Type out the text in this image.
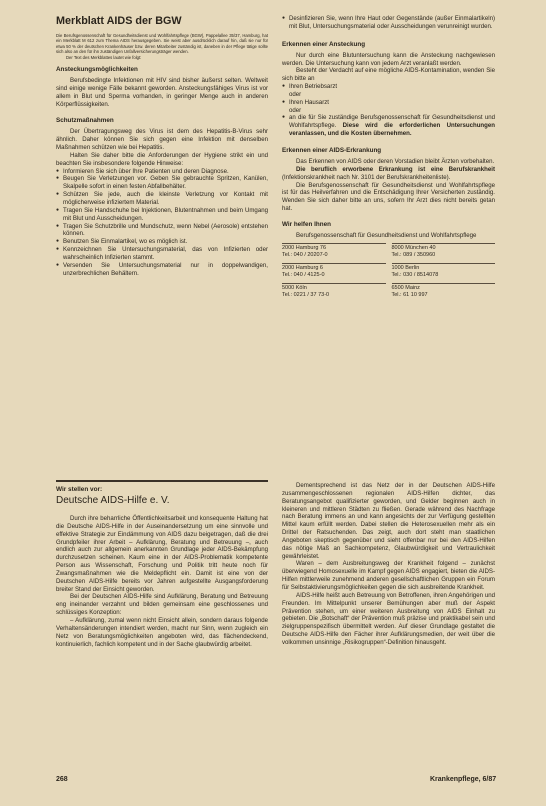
Merkblatt AIDS der BGW

Die Berufsgenossenschaft für Gesundheitsdienst und Wohlfahrtspflege (BGW), Pappelallee 35/37, Hamburg, hat ein Merkblatt M 612 zum Thema AIDS herausgegeben. Sie weist aber ausdrücklich darauf hin, daß sie nur für etwa 50 % der deutschen Krankenhäuser bzw. deren Mitarbeiter zuständig ist, daneben in der Pflege tätige sollte sich also an den für ihn zuständigen Unfallversicherungsträger wenden.

Der Text des Merkblattes lautet wie folgt:

Ansteckungsmöglichkeiten

Berufsbedingte Infektionen mit HIV sind bisher äußerst selten. Weltweit sind einige wenige Fälle bekannt geworden. Ansteckungsfähiges Virus ist vor allem in Blut und Sperma vorhanden, in geringer Menge auch in anderen Körperflüssigkeiten.

Schutzmaßnahmen

Der Übertragungsweg des Virus ist dem des Hepatitis-B-Virus sehr ähnlich. Daher können Sie sich gegen eine Infektion mit denselben Maßnahmen schützen wie bei Hepatitis.

Halten Sie daher bitte die Anforderungen der Hygiene strikt ein und beachten Sie insbesondere folgende Hinweise:

● Informieren Sie sich über Ihre Patienten und deren Diagnose.
● Beugen Sie Verletzungen vor. Geben Sie gebrauchte Spritzen, Kanülen, Skalpelle sofort in einen festen Abfallbehälter.
● Schützen Sie jede, auch die kleinste Verletzung vor Kontakt mit möglicherweise infiziertem Material.
● Tragen Sie Handschuhe bei Injektionen, Blutentnahmen und beim Umgang mit Blut und Ausscheidungen.
● Tragen Sie Schutzbrille und Mundschutz, wenn Nebel (Aerosole) entstehen können.
● Benutzen Sie Einmalartikel, wo es möglich ist.
● Kennzeichnen Sie Untersuchungsmaterial, das von Infizierten oder wahrscheinlich Infizierten stammt.
● Versenden Sie Untersuchungsmaterial nur in doppelwandigen, unzerbrechlichen Behältern.
● Desinfizieren Sie, wenn Ihre Haut oder Gegenstände (außer Einmalartikeln) mit Blut, Untersuchungsmaterial oder Ausscheidungen verunreinigt wurden.
Erkennen einer Ansteckung

Nur durch eine Blutuntersuchung kann die Ansteckung nachgewiesen werden. Die Untersuchung kann von jedem Arzt veranlaßt werden.

Besteht der Verdacht auf eine mögliche AIDS-Kontamination, wenden Sie sich bitte an

● Ihren Betriebsarzt
oder
● Ihren Hausarzt
oder
● an die für Sie zuständige Berufsgenossenschaft für Gesundheitsdienst und Wohlfahrtspflege. Diese wird die erforderlichen Untersuchungen veranlassen, und die Kosten übernehmen.
Erkennen einer AIDS-Erkrankung

Das Erkennen von AIDS oder deren Vorstadien bleibt Ärzten vorbehalten.

Die beruflich erworbene Erkrankung ist eine Berufskrankheit (Infektionskrankheit nach Nr. 3101 der Berufskrankheitenliste).

Die Berufsgenossenschaft für Gesundheitsdienst und Wohlfahrtspflege ist für das Heilverfahren und die Entschädigung Ihrer Versicherten zuständig. Wenden Sie sich daher bitte an uns, sofern Ihr Arzt dies nicht bereits getan hat.

Wir helfen Ihnen

Berufsgenossenschaft für Gesundheitsdienst und Wohlfahrtspflege

2000 Hamburg 76
Tel.: 040 / 20207-0
8000 München 40
Tel.: 089 / 350960
2000 Hamburg 6
Tel.: 040 / 4125-0
1000 Berlin
Tel.: 030 / 8514078
5000 Köln
Tel.: 0221 / 37 73-0
6500 Mainz
Tel.: 61 10 997
Wir stellen vor:
Deutsche AIDS-Hilfe e. V.

Durch ihre beharrliche Öffentlichkeitsarbeit und konsequente Haltung hat die Deutsche AIDS-Hilfe in der Auseinandersetzung um eine sinnvolle und effektive Strategie zur Eindämmung von AIDS dazu beigetragen, daß die drei Grundpfeiler ihrer Arbeit – Aufklärung, Beratung und Betreuung –, auch endlich auch zur allgemein anerkannten Grundlage jeder AIDS-Bekämpfung durchzusetzen scheinen. Kaum eine in der AIDS-Problematik kompetente Person aus Wissenschaft, Forschung und Politik tritt heute noch für Zwangsmaßnahmen wie die Meldepflicht ein. Damit ist eine von der Deutschen AIDS-Hilfe bereits vor Jahren aufgestellte Ausgangsforderung breiter Stand der Einsicht geworden.

Bei der Deutschen AIDS-Hilfe sind Aufklärung, Beratung und Betreuung eng ineinander verzahnt und bilden gemeinsam eine geschlossenes und schlüssiges Konzeption:

– Aufklärung, zumal wenn nicht Einsicht allein, sondern daraus folgende Verhaltensänderungen intendiert werden, macht nur Sinn, wenn zugleich ein Netz von Beratungsmöglichkeiten angeboten wird, das flächendeckend, kontinuierlich, fachlich kompetent und in der Sache glaubwürdig arbeitet.

Dementsprechend ist das Netz der in der Deutschen AIDS-Hilfe zusammengeschlossenen regionalen AIDS-Hilfen dichter, das Beratungsangebot qualifizierter geworden, und Gelder beginnen auch in kleineren und mittleren Städten zu fließen. Gerade während des Nachfrage nach Beratung immens an und kann angesichts der zur Verfügung gestellten Mittel kaum erfüllt werden. Dabei stellen die Heterosexuellen mehr als ein Drittel der Ratsuchenden. Das zeigt, auch dort steht man staatlichen Angeboten skeptisch gegenüber und sieht offenbar nur bei den AIDS-Hilfen das nötige Maß an Sachkompetenz, Glaubwürdigkeit und Vertraulichkeit gewährleistet.

Waren – dem Ausbreitungsweg der Krankheit folgend – zunächst überwiegend Homosexuelle im Kampf gegen AIDS engagiert, bieten die AIDS-Hilfen mittlerweile zunehmend anderen gesellschaftlichen Gruppen ein Forum für Selbstaktivierungsmöglichkeiten gegen die sich ausbreitende Krankheit.

AIDS-Hilfe heißt auch Betreuung von Betroffenen, ihren Angehörigen und Freunden. Im Mittelpunkt unserer Bemühungen aber muß der Aspekt Prävention stehen, um einer weiteren Ausbreitung von AIDS Einhalt zu gebieten. Die „Botschaft“ der Prävention muß präzise und praktikabel sein und zielgruppenspezifisch übermittelt werden. Auf dieser Grundlage gestaltet die Deutsche AIDS-Hilfe den Fächer ihrer Aufklärungsmedien, der weit über die volkommen unsinnige „Risikogruppen“-Definition hinausgeht.

268	Krankenpflege, 6/87
